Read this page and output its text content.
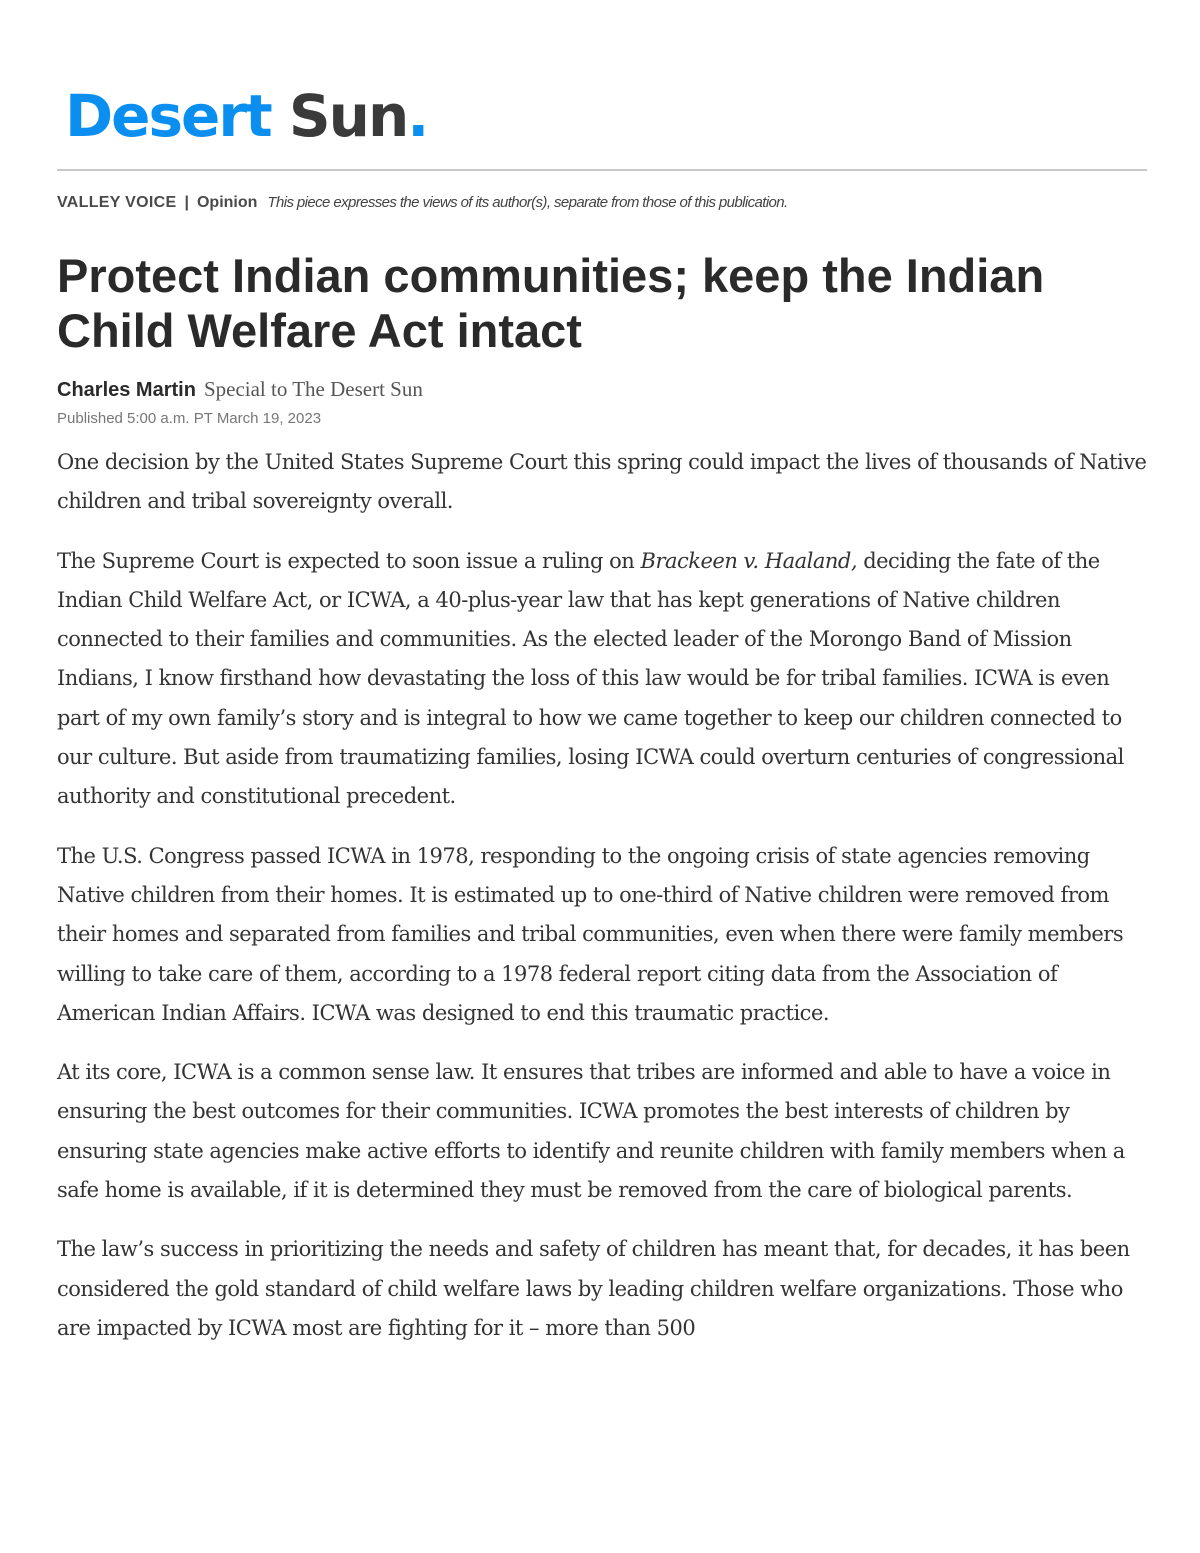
Desert Sun.
VALLEY VOICE | Opinion This piece expresses the views of its author(s), separate from those of this publication.
Protect Indian communities; keep the Indian Child Welfare Act intact
Charles Martin Special to The Desert Sun
Published 5:00 a.m. PT March 19, 2023

One decision by the United States Supreme Court this spring could impact the lives of thousands of Native children and tribal sovereignty overall.

The Supreme Court is expected to soon issue a ruling on Brackeen v. Haaland, deciding the fate of the Indian Child Welfare Act, or ICWA, a 40-plus-year law that has kept generations of Native children connected to their families and communities. As the elected leader of the Morongo Band of Mission Indians, I know firsthand how devastating the loss of this law would be for tribal families. ICWA is even part of my own family’s story and is integral to how we came together to keep our children connected to our culture. But aside from traumatizing families, losing ICWA could overturn centuries of congressional authority and constitutional precedent.

The U.S. Congress passed ICWA in 1978, responding to the ongoing crisis of state agencies removing Native children from their homes. It is estimated up to one-third of Native children were removed from their homes and separated from families and tribal communities, even when there were family members willing to take care of them, according to a 1978 federal report citing data from the Association of American Indian Affairs. ICWA was designed to end this traumatic practice.

At its core, ICWA is a common sense law. It ensures that tribes are informed and able to have a voice in ensuring the best outcomes for their communities. ICWA promotes the best interests of children by ensuring state agencies make active efforts to identify and reunite children with family members when a safe home is available, if it is determined they must be removed from the care of biological parents.

The law’s success in prioritizing the needs and safety of children has meant that, for decades, it has been considered the gold standard of child welfare laws by leading children welfare organizations. Those who are impacted by ICWA most are fighting for it – more than 500
